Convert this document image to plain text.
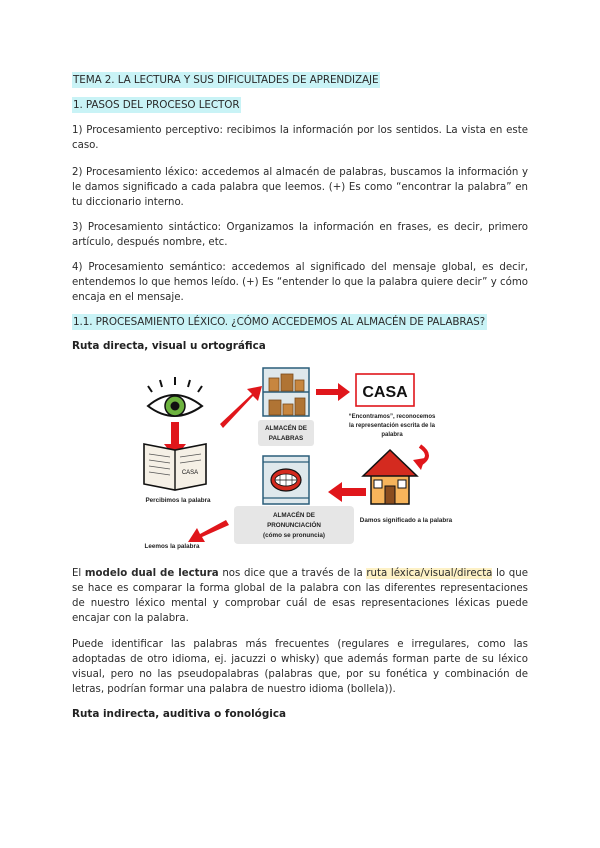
TEMA 2. LA LECTURA Y SUS DIFICULTADES DE APRENDIZAJE
1. PASOS DEL PROCESO LECTOR
1) Procesamiento perceptivo: recibimos la información por los sentidos. La vista en este caso.
2) Procesamiento léxico: accedemos al almacén de palabras, buscamos la información y le damos significado a cada palabra que leemos. (+) Es como “encontrar la palabra” en tu diccionario interno.
3) Procesamiento sintáctico: Organizamos la información en frases, es decir, primero artículo, después nombre, etc.
4) Procesamiento semántico: accedemos al significado del mensaje global, es decir, entendemos lo que hemos leído. (+) Es “entender lo que la palabra quiere decir” y cómo encaja en el mensaje.
1.1. PROCESAMIENTO LÉXICO. ¿CÓMO ACCEDEMOS AL ALMACÉN DE PALABRAS?
Ruta directa, visual u ortográfica
CASA
Percibimos la palabra
ALMACÉN DE
PALABRAS
CASA
“Encontramos”, reconocemos
la representación escrita de la
palabra
Damos significado a la palabra
ALMACÉN DE
PRONUNCIACIÓN
(cómo se pronuncia)
Leemos la palabra
El modelo dual de lectura nos dice que a través de la ruta léxica/visual/directa lo que se hace es comparar la forma global de la palabra con las diferentes representaciones de nuestro léxico mental y comprobar cuál de esas representaciones léxicas puede encajar con la palabra.
Puede identificar las palabras más frecuentes (regulares e irregulares, como las adoptadas de otro idioma, ej. jacuzzi o whisky) que además forman parte de su léxico visual, pero no las pseudopalabras (palabras que, por su fonética y combinación de letras, podrían formar una palabra de nuestro idioma (bollela)).
Ruta indirecta, auditiva o fonológica
